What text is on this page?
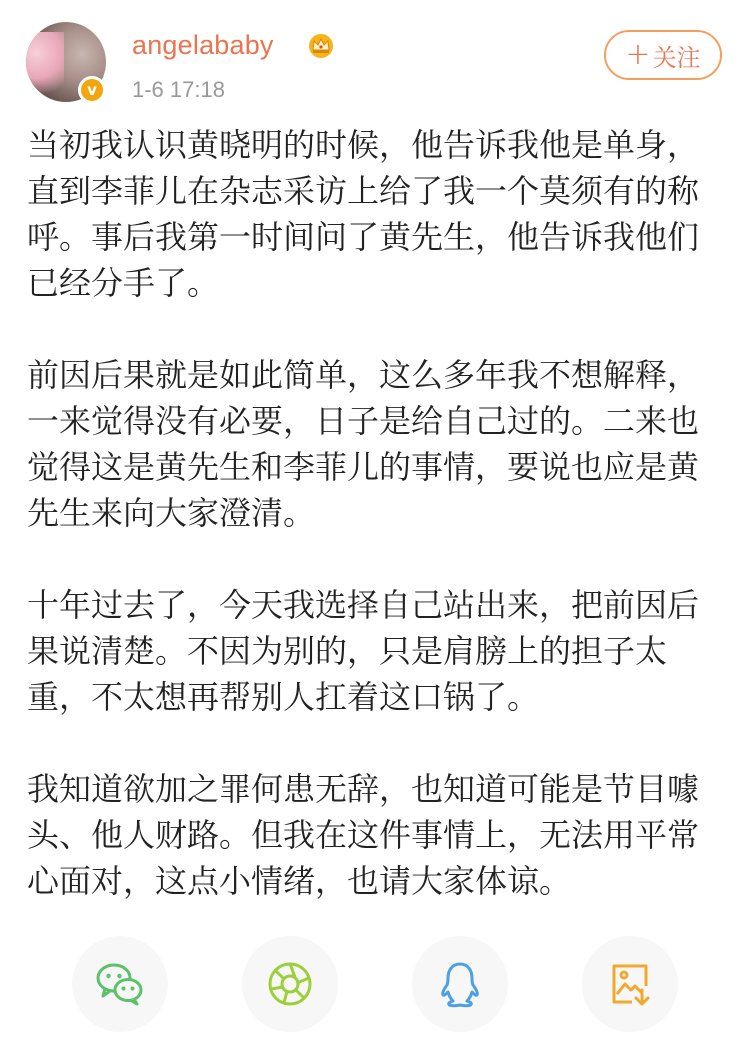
v
angelababy
1-6 17:18
+ 关注

当初我认识黄晓明的时候，他告诉我他是单身，直到李菲儿在杂志采访上给了我一个莫须有的称呼。事后我第一时间问了黄先生，他告诉我他们已经分手了。

前因后果就是如此简单，这么多年我不想解释，一来觉得没有必要，日子是给自己过的。二来也觉得这是黄先生和李菲儿的事情，要说也应是黄先生来向大家澄清。

十年过去了，今天我选择自己站出来，把前因后果说清楚。不因为别的，只是肩膀上的担子太重，不太想再帮别人扛着这口锅了。

我知道欲加之罪何患无辞，也知道可能是节目噱头、他人财路。但我在这件事情上，无法用平常心面对，这点小情绪，也请大家体谅。
